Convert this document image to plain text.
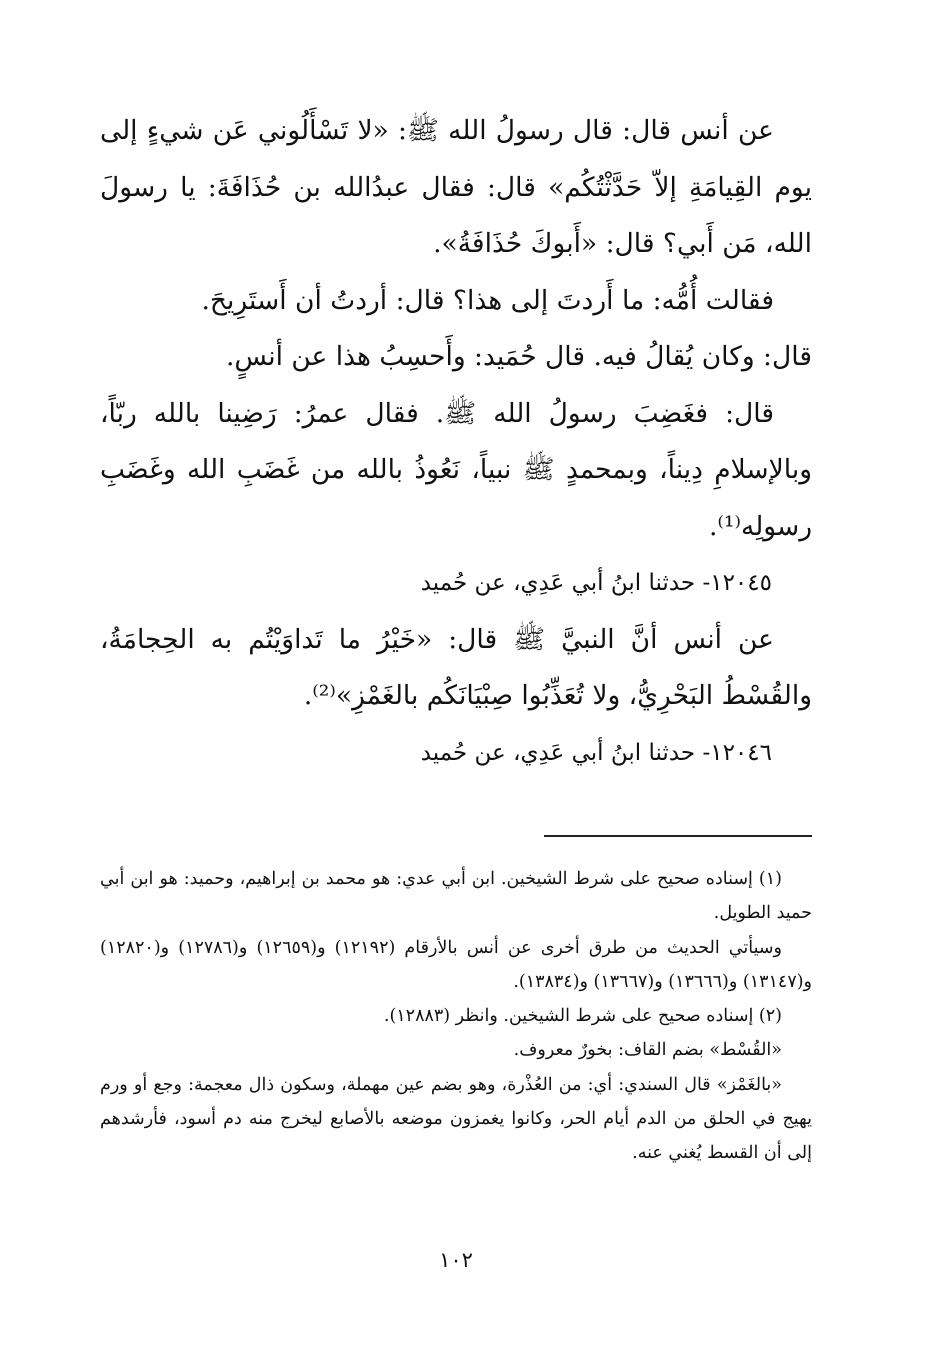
عن أنس قال: قال رسولُ الله ﷺ: «لا تَسْأَلُوني عَن شيءٍ إلى يوم القِيامَةِ إلاّ حَدَّثْتُكُم» قال: فقال عبدُالله بن حُذَافَةَ: يا رسولَ الله، مَن أَبي؟ قال: «أَبوكَ حُذَافَةُ».

فقالت أُمُّه: ما أَردتَ إلى هذا؟ قال: أردتُ أن أَستَرِيحَ.

قال: وكان يُقالُ فيه. قال حُمَيد: وأَحسِبُ هذا عن أنسٍ.

قال: فغَضِبَ رسولُ الله ﷺ. فقال عمرُ: رَضِينا بالله ربّاً، وبالإسلامِ دِيناً، وبمحمدٍ ﷺ نبياً، نَعُوذُ بالله من غَضَبِ الله وغَضَبِ رسولِه⁽¹⁾.

١٢٠٤٥- حدثنا ابنُ أبي عَدِي، عن حُميد

عن أنس أنَّ النبيَّ ﷺ قال: «خَيْرُ ما تَداوَيْتُم به الحِجامَةُ، والقُسْطُ البَحْرِيُّ، ولا تُعَذِّبُوا صِبْيَانَكُم بالغَمْزِ»⁽²⁾.

١٢٠٤٦- حدثنا ابنُ أبي عَدِي، عن حُميد

(١) إسناده صحيح على شرط الشيخين. ابن أبي عدي: هو محمد بن إبراهيم، وحميد: هو ابن أبي حميد الطويل.

وسيأتي الحديث من طرق أخرى عن أنس بالأرقام (١٢١٩٢) و(١٢٦٥٩) و(١٢٧٨٦) و(١٢٨٢٠) و(١٣١٤٧) و(١٣٦٦٦) و(١٣٦٦٧) و(١٣٨٣٤).

(٢) إسناده صحيح على شرط الشيخين. وانظر (١٢٨٨٣).

«القُسْط» بضم القاف: بخورٌ معروف.

«بالغَمْز» قال السندي: أي: من العُذْرة، وهو بضم عين مهملة، وسكون ذال معجمة: وجع أو ورم يهيج في الحلق من الدم أيام الحر، وكانوا يغمزون موضعه بالأصابع ليخرج منه دم أسود، فأرشدهم إلى أن القسط يُغني عنه.

١٠٢
